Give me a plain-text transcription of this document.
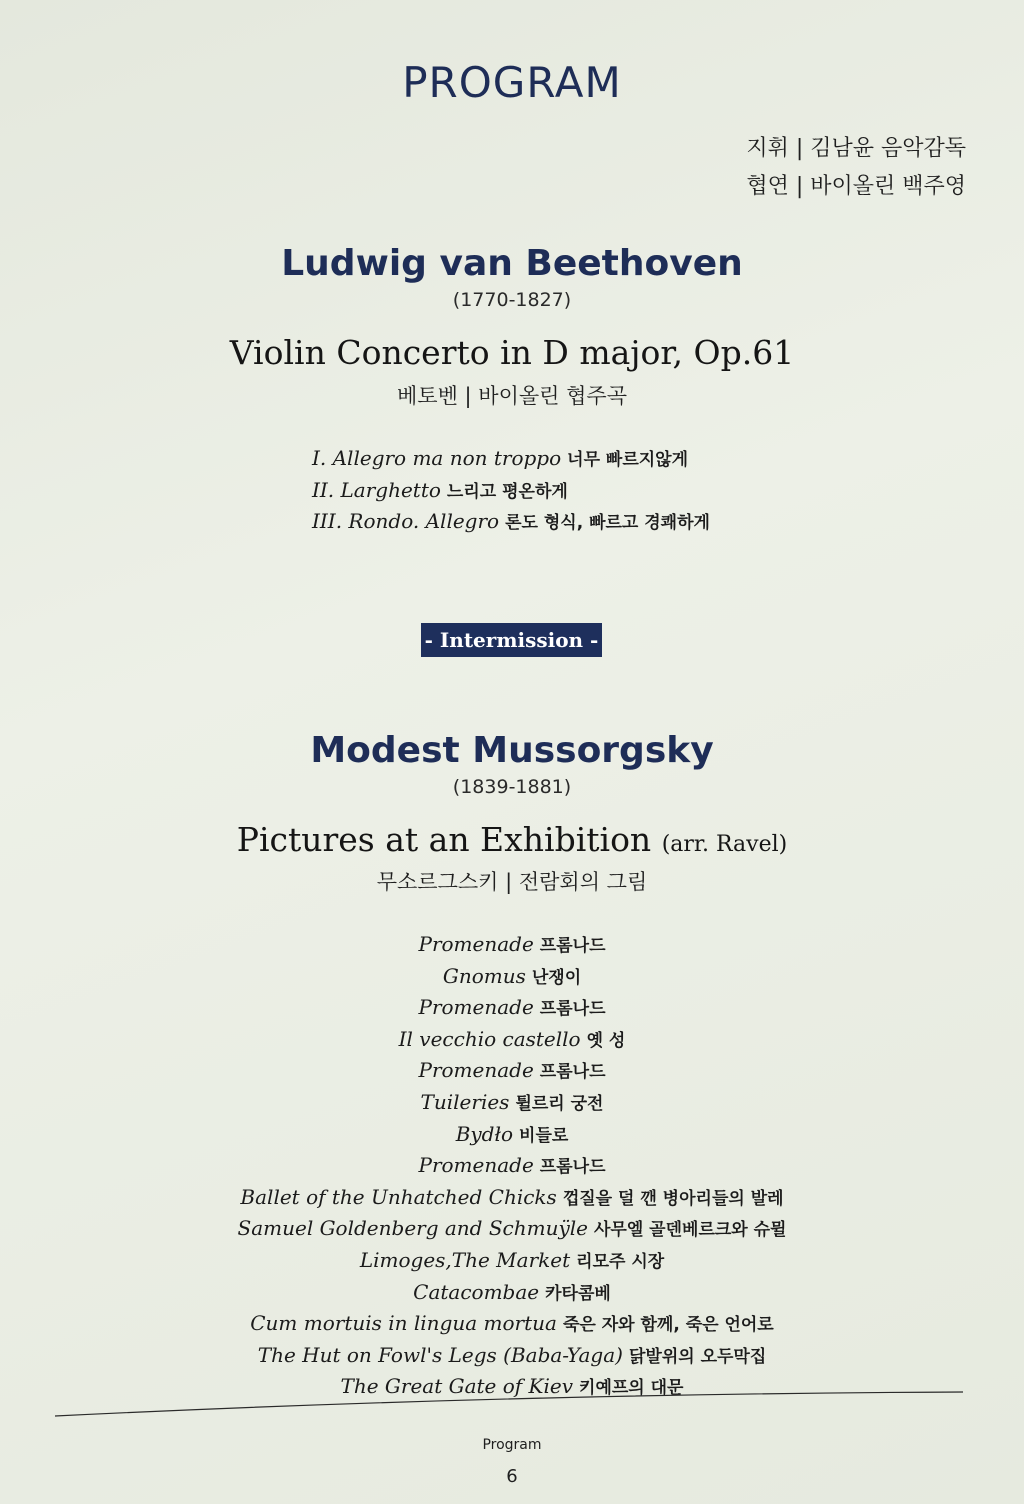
PROGRAM
지휘 | 김남윤 음악감독
협연 | 바이올린 백주영
Ludwig van Beethoven
(1770-1827)
Violin Concerto in D major, Op.61
베토벤 | 바이올린 협주곡
I. Allegro ma non troppo 너무 빠르지않게
II. Larghetto 느리고 평온하게
III. Rondo. Allegro 론도 형식, 빠르고 경쾌하게
- Intermission -
Modest Mussorgsky
(1839-1881)
Pictures at an Exhibition (arr. Ravel)
무소르그스키 | 전람회의 그림
Promenade 프롬나드
Gnomus 난쟁이
Promenade 프롬나드
Il vecchio castello 옛 성
Promenade 프롬나드
Tuileries 튈르리 궁전
Bydło 비들로
Promenade 프롬나드
Ballet of the Unhatched Chicks 껍질을 덜 깬 병아리들의 발레
Samuel Goldenberg and Schmuÿle 사무엘 골덴베르크와 슈뮐
Limoges,The Market 리모주 시장
Catacombae 카타콤베
Cum mortuis in lingua mortua 죽은 자와 함께, 죽은 언어로
The Hut on Fowl's Legs (Baba-Yaga) 닭발위의 오두막집
The Great Gate of Kiev 키예프의 대문
Program
6
